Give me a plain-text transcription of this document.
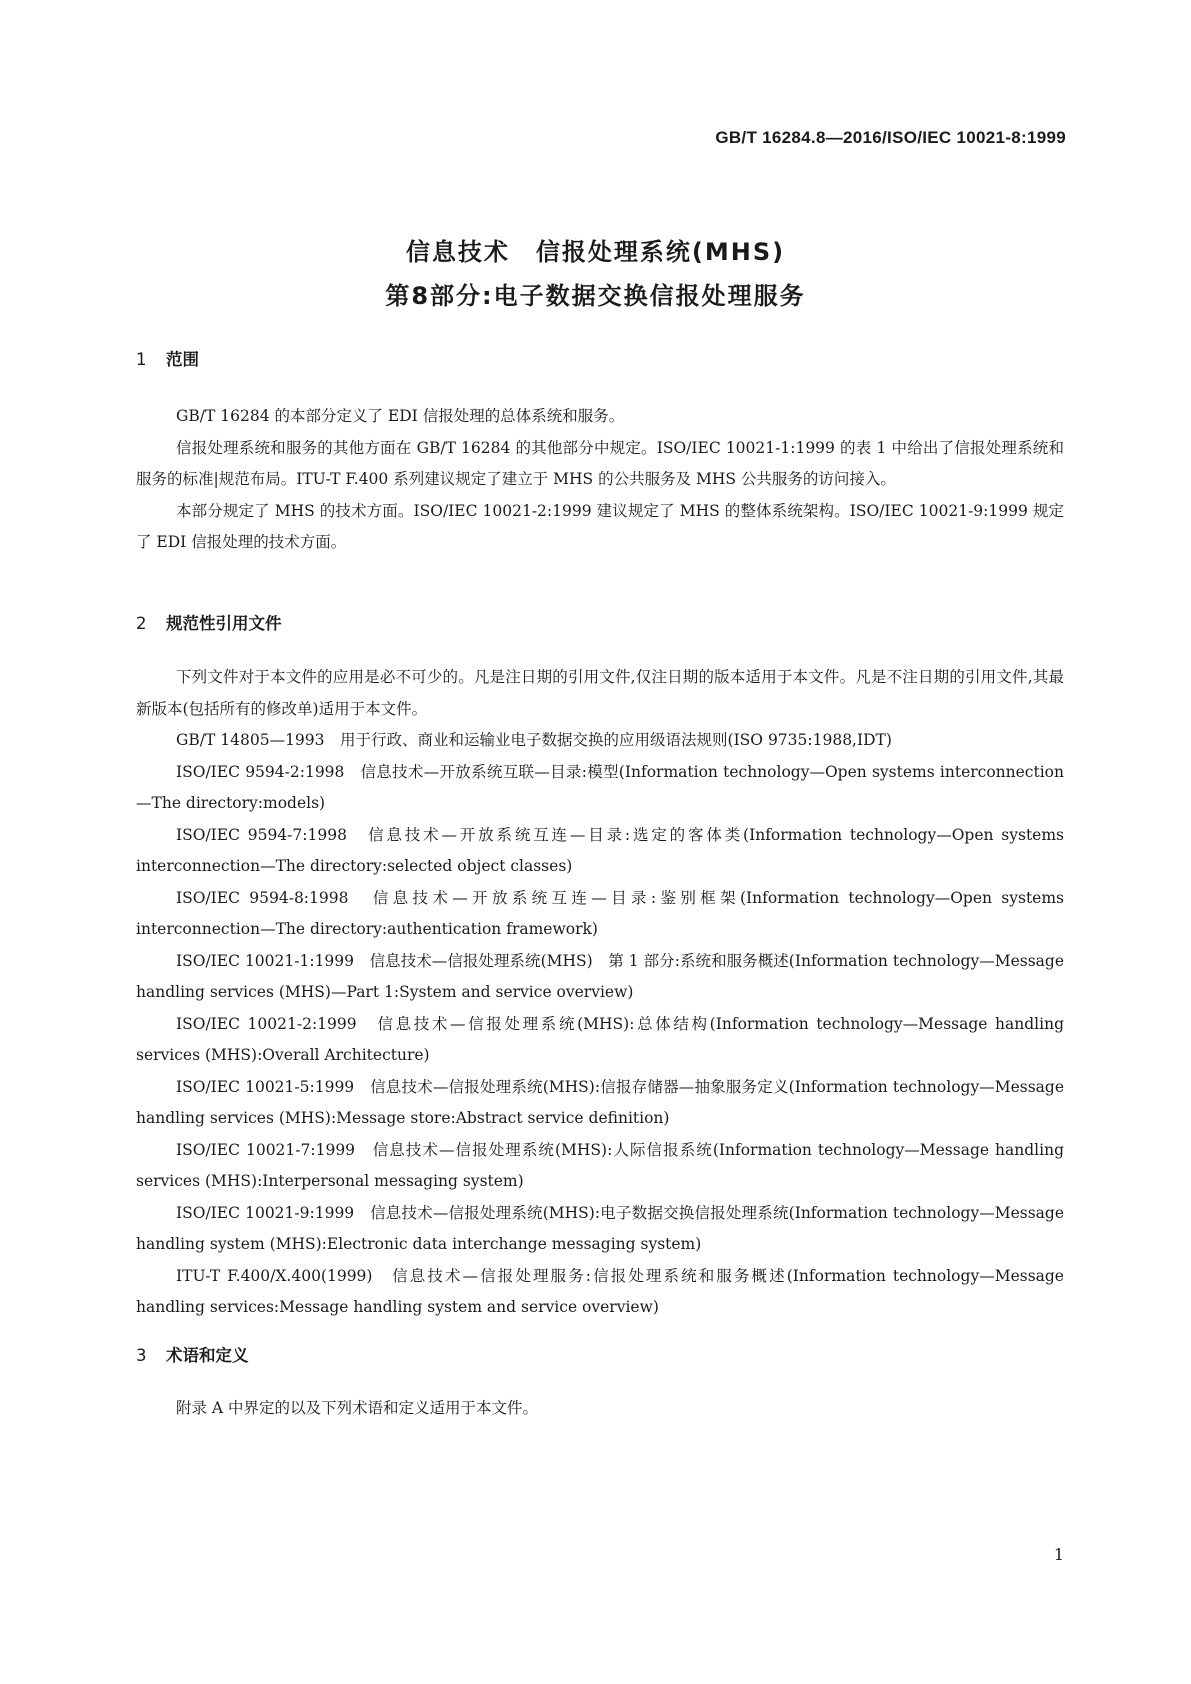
GB/T 16284.8—2016/ISO/IEC 10021-8:1999
信息技术　信报处理系统(MHS)
第8部分:电子数据交换信报处理服务
1 范围

GB/T 16284 的本部分定义了 EDI 信报处理的总体系统和服务。

信报处理系统和服务的其他方面在 GB/T 16284 的其他部分中规定。ISO/IEC 10021-1:1999 的表 1 中给出了信报处理系统和服务的标准|规范布局。ITU-T F.400 系列建议规定了建立于 MHS 的公共服务及 MHS 公共服务的访问接入。

本部分规定了 MHS 的技术方面。ISO/IEC 10021-2:1999 建议规定了 MHS 的整体系统架构。ISO/IEC 10021-9:1999 规定了 EDI 信报处理的技术方面。

2 规范性引用文件

下列文件对于本文件的应用是必不可少的。凡是注日期的引用文件,仅注日期的版本适用于本文件。凡是不注日期的引用文件,其最新版本(包括所有的修改单)适用于本文件。

GB/T 14805—1993　用于行政、商业和运输业电子数据交换的应用级语法规则(ISO 9735:1988,IDT)

ISO/IEC 9594-2:1998　信息技术—开放系统互联—目录:模型(Information technology—Open systems interconnection—The directory:models)

ISO/IEC 9594-7:1998　信息技术—开放系统互连—目录:选定的客体类(Information technology—Open systems interconnection—The directory:selected object classes)

ISO/IEC 9594-8:1998　信息技术—开放系统互连—目录:鉴别框架(Information technology—Open systems interconnection—The directory:authentication framework)

ISO/IEC 10021-1:1999　信息技术—信报处理系统(MHS)　第 1 部分:系统和服务概述(Information technology—Message handling services (MHS)—Part 1:System and service overview)

ISO/IEC 10021-2:1999　信息技术—信报处理系统(MHS):总体结构(Information technology—Message handling services (MHS):Overall Architecture)

ISO/IEC 10021-5:1999　信息技术—信报处理系统(MHS):信报存储器—抽象服务定义(Information technology—Message handling services (MHS):Message store:Abstract service definition)

ISO/IEC 10021-7:1999　信息技术—信报处理系统(MHS):人际信报系统(Information technology—Message handling services (MHS):Interpersonal messaging system)

ISO/IEC 10021-9:1999　信息技术—信报处理系统(MHS):电子数据交换信报处理系统(Information technology—Message handling system (MHS):Electronic data interchange messaging system)

ITU-T F.400/X.400(1999)　信息技术—信报处理服务:信报处理系统和服务概述(Information technology—Message handling services:Message handling system and service overview)

3 术语和定义

附录 A 中界定的以及下列术语和定义适用于本文件。

1
